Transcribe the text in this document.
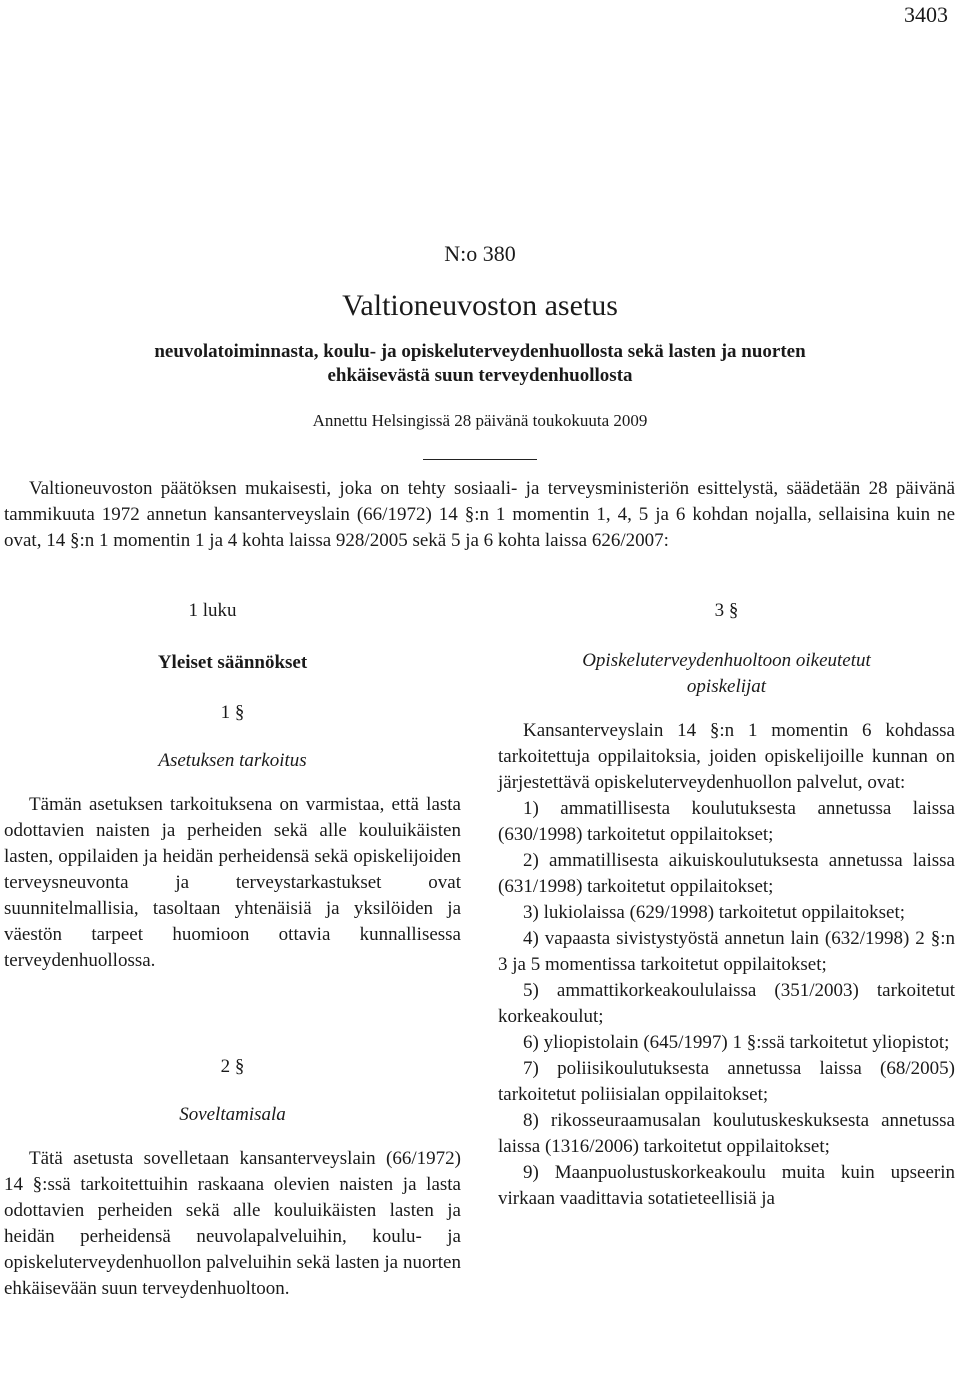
3403
N:o 380
Valtioneuvoston asetus
neuvolatoiminnasta, koulu- ja opiskeluterveydenhuollosta sekä lasten ja nuorten
ehkäisevästä suun terveydenhuollosta
Annettu Helsingissä 28 päivänä toukokuuta 2009

Valtioneuvoston päätöksen mukaisesti, joka on tehty sosiaali- ja terveysministeriön esittelystä, säädetään 28 päivänä tammikuuta 1972 annetun kansanterveyslain (66/1972) 14 §:n 1 momentin 1, 4, 5 ja 6 kohdan nojalla, sellaisina kuin ne ovat, 14 §:n 1 momentin 1 ja 4 kohta laissa 928/2005 sekä 5 ja 6 kohta laissa 626/2007:

1 luku

Yleiset säännökset

1 §

Asetuksen tarkoitus

Tämän asetuksen tarkoituksena on varmistaa, että lasta odottavien naisten ja perheiden sekä alle kouluikäisten lasten, oppilaiden ja heidän perheidensä sekä opiskelijoiden terveysneuvonta ja terveystarkastukset ovat suunnitelmallisia, tasoltaan yhtenäisiä ja yksilöiden ja väestön tarpeet huomioon ottavia kunnallisessa terveydenhuollossa.

2 §

Soveltamisala

Tätä asetusta sovelletaan kansanterveyslain (66/1972) 14 §:ssä tarkoitettuihin raskaana olevien naisten ja lasta odottavien perheiden sekä alle kouluikäisten lasten ja heidän perheidensä neuvolapalveluihin, koulu- ja opiskeluterveydenhuollon palveluihin sekä lasten ja nuorten ehkäisevään suun terveydenhuoltoon.

3 §

Opiskeluterveydenhuoltoon oikeutetut

opiskelijat

Kansanterveyslain 14 §:n 1 momentin 6 kohdassa tarkoitettuja oppilaitoksia, joiden opiskelijoille kunnan on järjestettävä opiskeluterveydenhuollon palvelut, ovat:

1) ammatillisesta koulutuksesta annetussa laissa (630/1998) tarkoitetut oppilaitokset;

2) ammatillisesta aikuiskoulutuksesta annetussa laissa (631/1998) tarkoitetut oppilaitokset;

3) lukiolaissa (629/1998) tarkoitetut oppilaitokset;

4) vapaasta sivistystyöstä annetun lain (632/1998) 2 §:n 3 ja 5 momentissa tarkoitetut oppilaitokset;

5) ammattikorkeakoululaissa (351/2003) tarkoitetut korkeakoulut;

6) yliopistolain (645/1997) 1 §:ssä tarkoitetut yliopistot;

7) poliisikoulutuksesta annetussa laissa (68/2005) tarkoitetut poliisialan oppilaitokset;

8) rikosseuraamusalan koulutuskeskuksesta annetussa laissa (1316/2006) tarkoitetut oppilaitokset;

9) Maanpuolustuskorkeakoulu muita kuin upseerin virkaan vaadittavia sotatieteellisiä ja
